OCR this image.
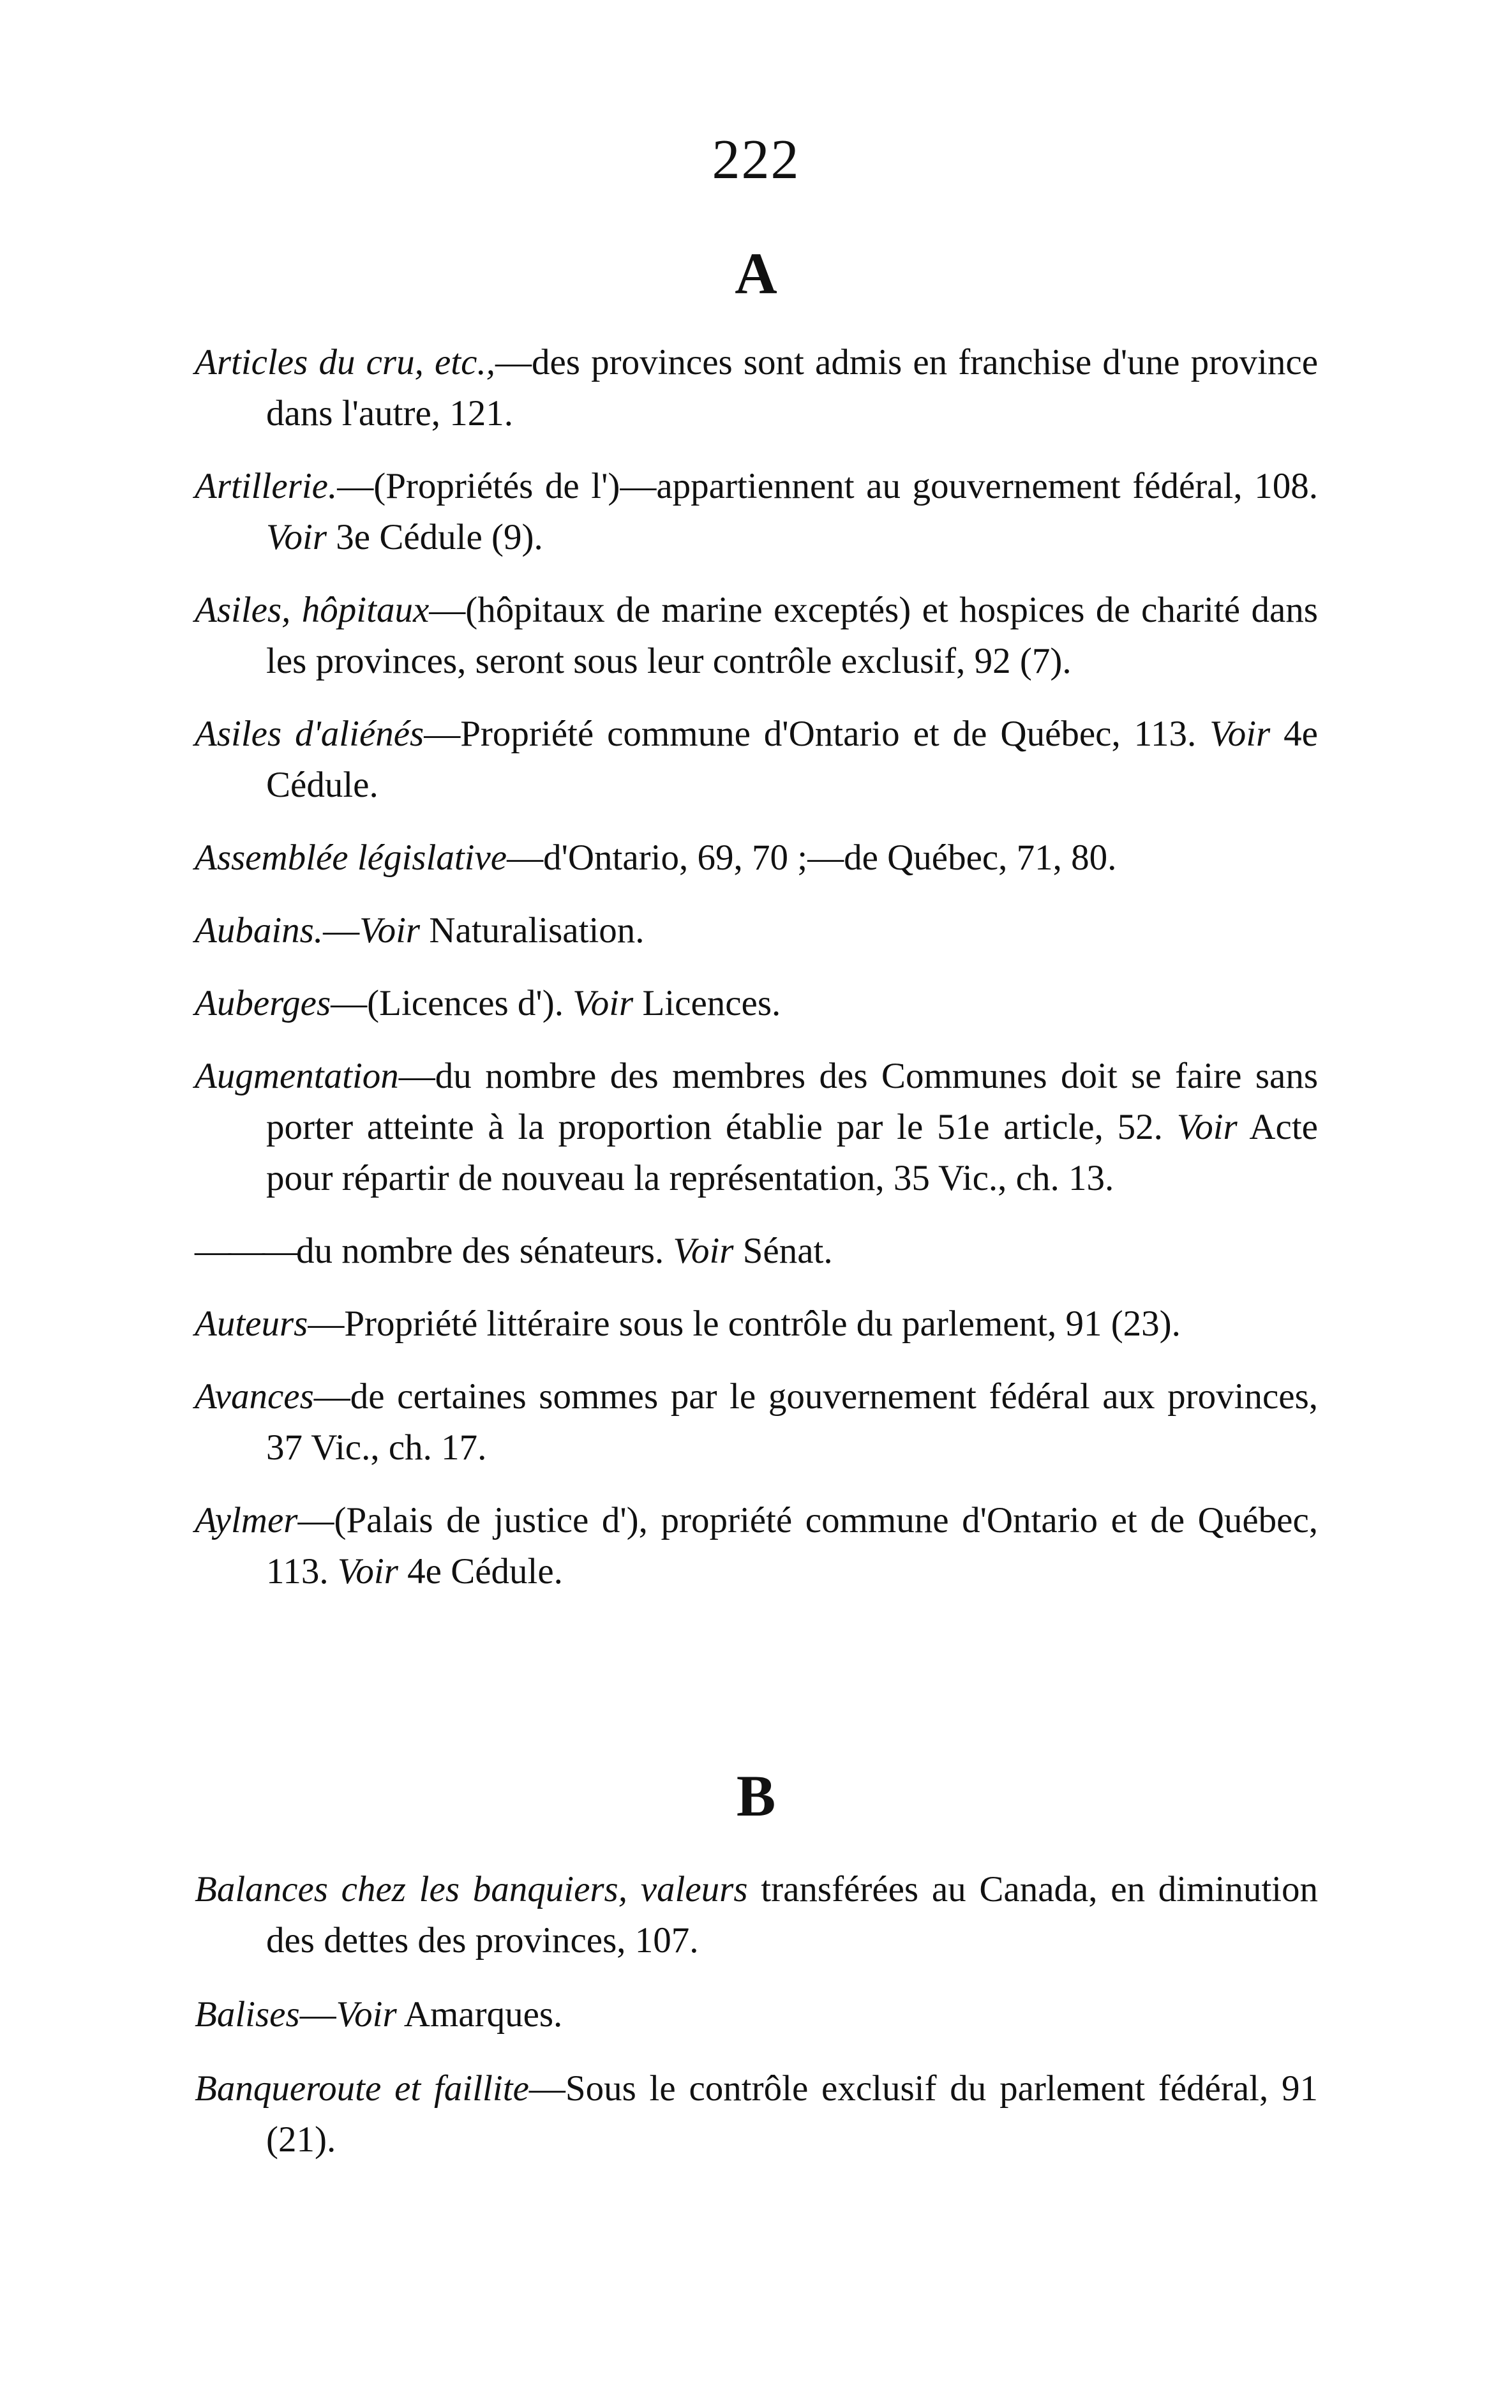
222
A

Articles du cru, etc.,—des provinces sont admis en franchise d'une province dans l'autre, 121.

Artillerie.—(Propriétés de l')—appartiennent au gouvernement fédéral, 108. Voir 3e Cédule (9).

Asiles, hôpitaux—(hôpitaux de marine exceptés) et hospices de charité dans les provinces, seront sous leur contrôle exclusif, 92 (7).

Asiles d'aliénés—Propriété commune d'Ontario et de Québec, 113. Voir 4e Cédule.

Assemblée législative—d'Ontario, 69, 70 ;—de Québec, 71, 80.

Aubains.—Voir Naturalisation.

Auberges—(Licences d'). Voir Licences.

Augmentation—du nombre des membres des Communes doit se faire sans porter atteinte à la proportion établie par le 51e article, 52. Voir Acte pour répartir de nouveau la représentation, 35 Vic., ch. 13.

———du nombre des sénateurs. Voir Sénat.

Auteurs—Propriété littéraire sous le contrôle du parlement, 91 (23).

Avances—de certaines sommes par le gouvernement fédéral aux provinces, 37 Vic., ch. 17.

Aylmer—(Palais de justice d'), propriété commune d'Ontario et de Québec, 113. Voir 4e Cédule.

B

Balances chez les banquiers, valeurs transférées au Canada, en diminution des dettes des provinces, 107.

Balises—Voir Amarques.

Banqueroute et faillite—Sous le contrôle exclusif du parlement fédéral, 91 (21).
